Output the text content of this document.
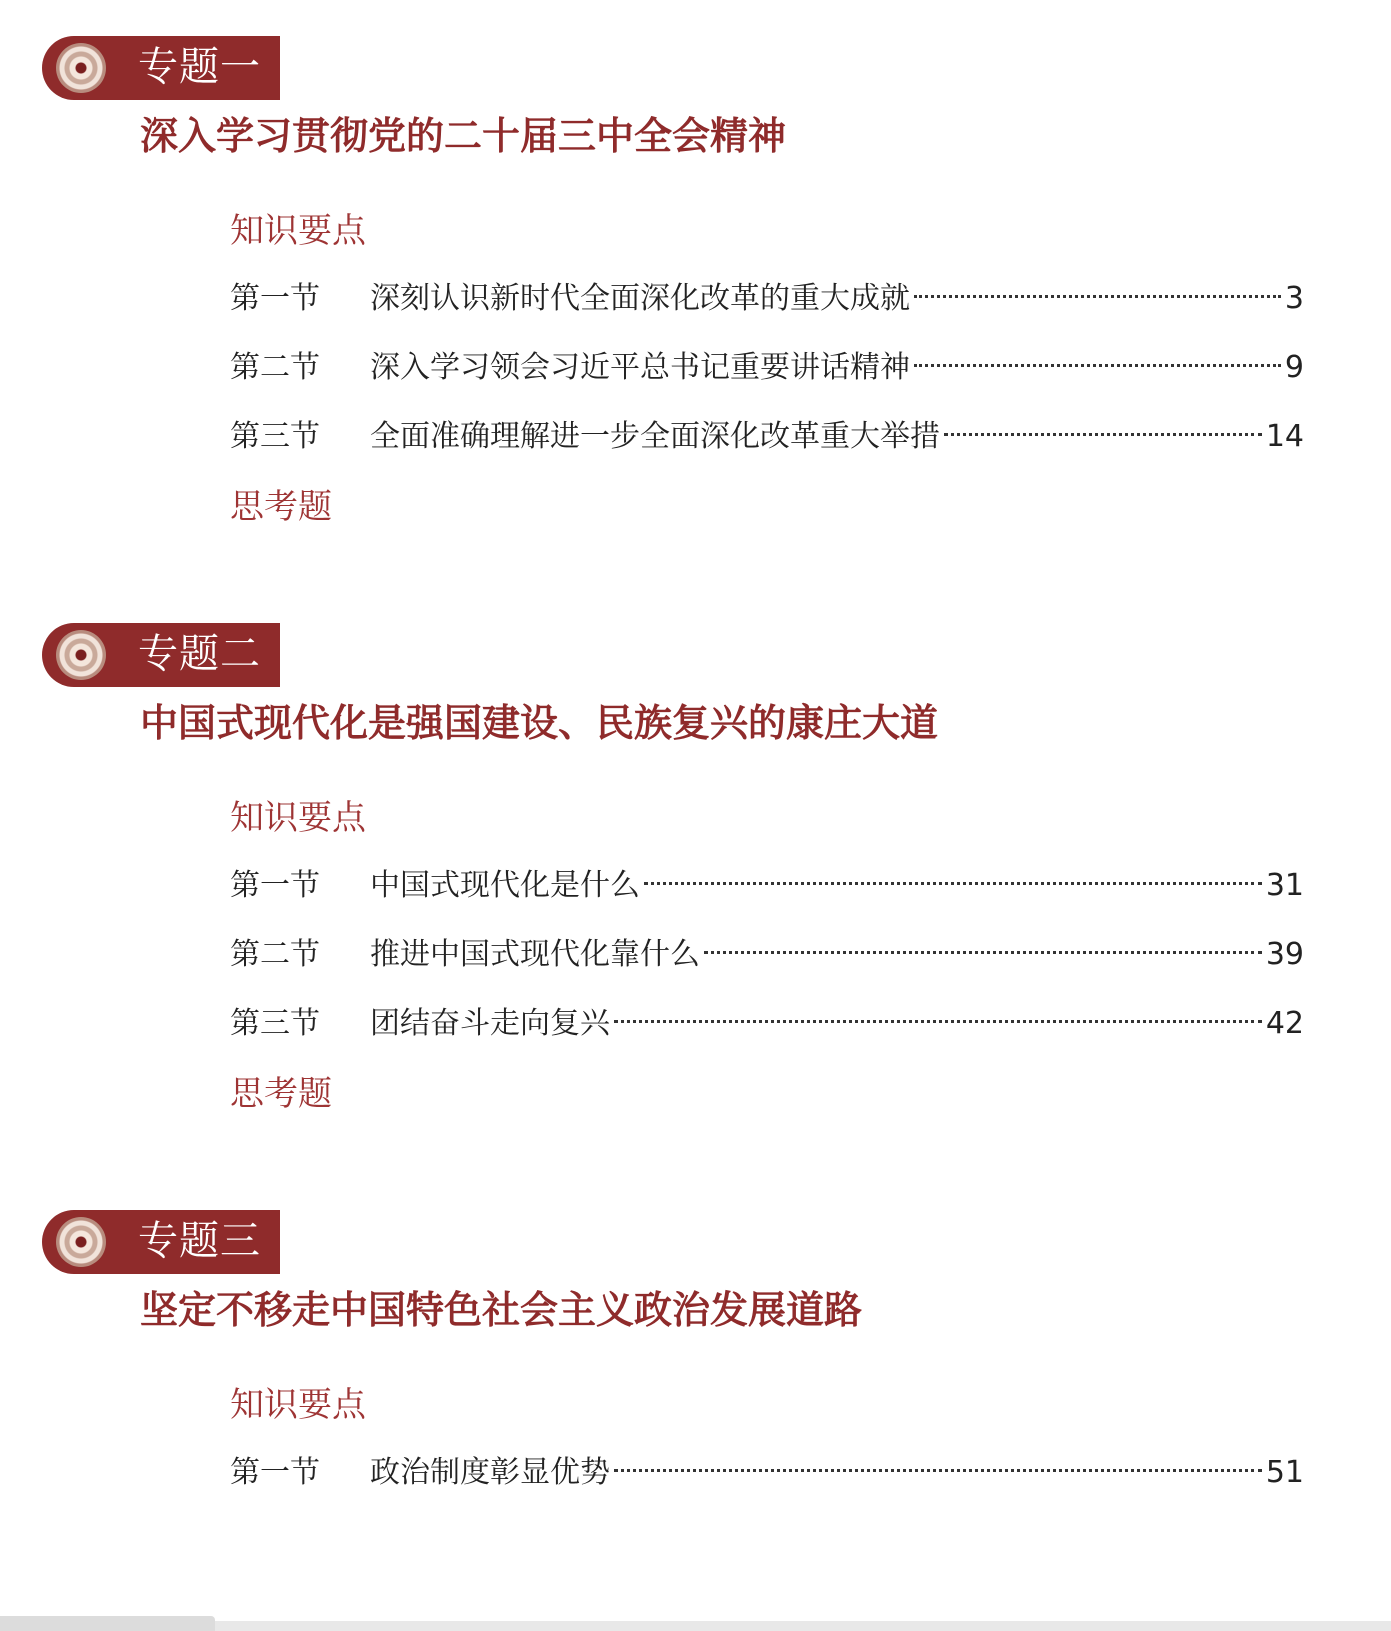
专题一
深入学习贯彻党的二十届三中全会精神
知识要点
第一节	深刻认识新时代全面深化改革的重大成就	3
第二节	深入学习领会习近平总书记重要讲话精神	9
第三节	全面准确理解进一步全面深化改革重大举措	14
思考题
专题二
中国式现代化是强国建设、民族复兴的康庄大道
知识要点
第一节	中国式现代化是什么	31
第二节	推进中国式现代化靠什么	39
第三节	团结奋斗走向复兴	42
思考题
专题三
坚定不移走中国特色社会主义政治发展道路
知识要点
第一节	政治制度彰显优势	51
